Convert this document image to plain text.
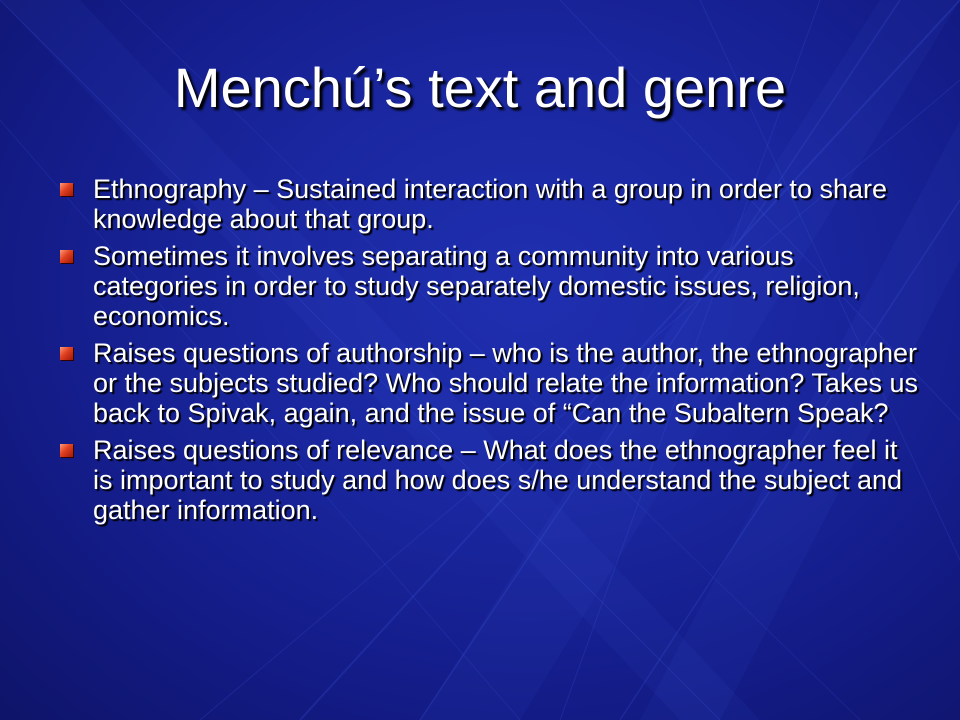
Menchú’s text and genre
Ethnography – Sustained interaction with a group in order to share knowledge about that group.
Sometimes it involves separating a community into various categories in order to study separately domestic issues, religion, economics.
Raises questions of authorship – who is the author, the ethnographer or the subjects studied? Who should relate the information? Takes us back to Spivak, again, and the issue of “Can the Subaltern Speak?
Raises questions of relevance – What does the ethnographer feel it is important to study and how does s/he understand the subject and gather information.
